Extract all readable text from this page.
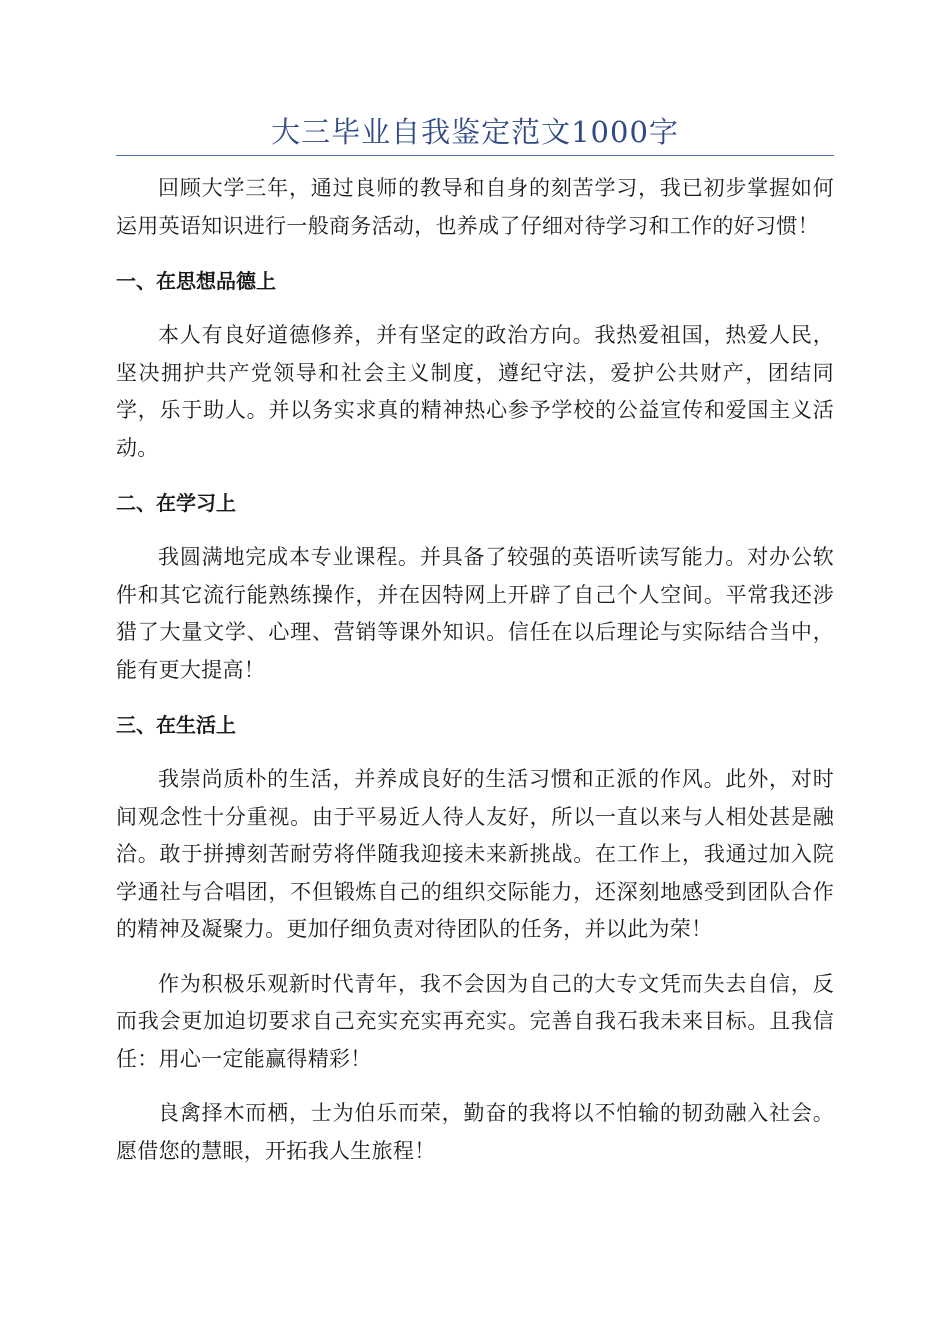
大三毕业自我鉴定范文1000字

回顾大学三年，通过良师的教导和自身的刻苦学习，我已初步掌握如何运用英语知识进行一般商务活动，也养成了仔细对待学习和工作的好习惯！

一、在思想品德上

本人有良好道德修养，并有坚定的政治方向。我热爱祖国，热爱人民，坚决拥护共产党领导和社会主义制度，遵纪守法，爱护公共财产，团结同学，乐于助人。并以务实求真的精神热心参予学校的公益宣传和爱国主义活动。

二、在学习上

我圆满地完成本专业课程。并具备了较强的英语听读写能力。对办公软件和其它流行能熟练操作，并在因特网上开辟了自己个人空间。平常我还涉猎了大量文学、心理、营销等课外知识。信任在以后理论与实际结合当中，能有更大提高！

三、在生活上

我崇尚质朴的生活，并养成良好的生活习惯和正派的作风。此外，对时间观念性十分重视。由于平易近人待人友好，所以一直以来与人相处甚是融洽。敢于拼搏刻苦耐劳将伴随我迎接未来新挑战。在工作上，我通过加入院学通社与合唱团，不但锻炼自己的组织交际能力，还深刻地感受到团队合作的精神及凝聚力。更加仔细负责对待团队的任务，并以此为荣！

作为积极乐观新时代青年，我不会因为自己的大专文凭而失去自信，反而我会更加迫切要求自己充实充实再充实。完善自我石我未来目标。且我信任：用心一定能赢得精彩！

良禽择木而栖，士为伯乐而荣，勤奋的我将以不怕输的韧劲融入社会。愿借您的慧眼，开拓我人生旅程！
